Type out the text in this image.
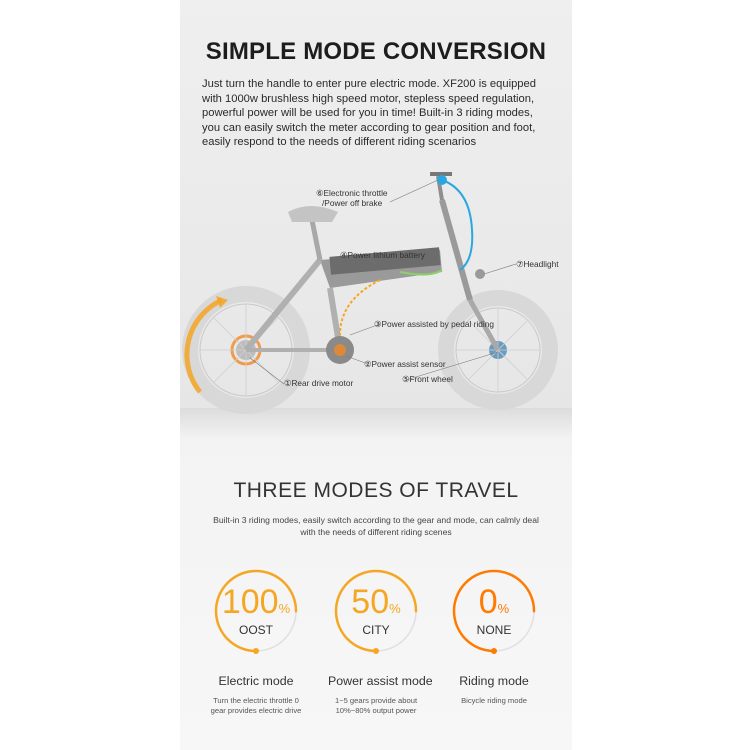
SIMPLE MODE CONVERSION
Just turn the handle to enter pure electric mode. XF200 is equipped with 1000w brushless high speed motor, stepless speed regulation, powerful power will be used for you in time! Built-in 3 riding modes, you can easily switch the meter according to gear position and foot, easily respond to the needs of different riding scenarios
⑥Electronic throttle
/Power off brake
④Power lithium battery
⑦Headlight
③Power assisted by pedal riding
②Power assist sensor
⑤Front wheel
①Rear drive motor
THREE MODES OF TRAVEL
Built-in 3 riding modes, easily switch according to the gear and mode, can calmly deal with the needs of different riding scenes
100%
OOST
Electric mode
Turn the electric throttle 0 gear provides electric drive
50%
CITY
Power assist mode
1~5 gears provide about 10%~80% output power
0%
NONE
Riding mode
Bicycle riding mode
